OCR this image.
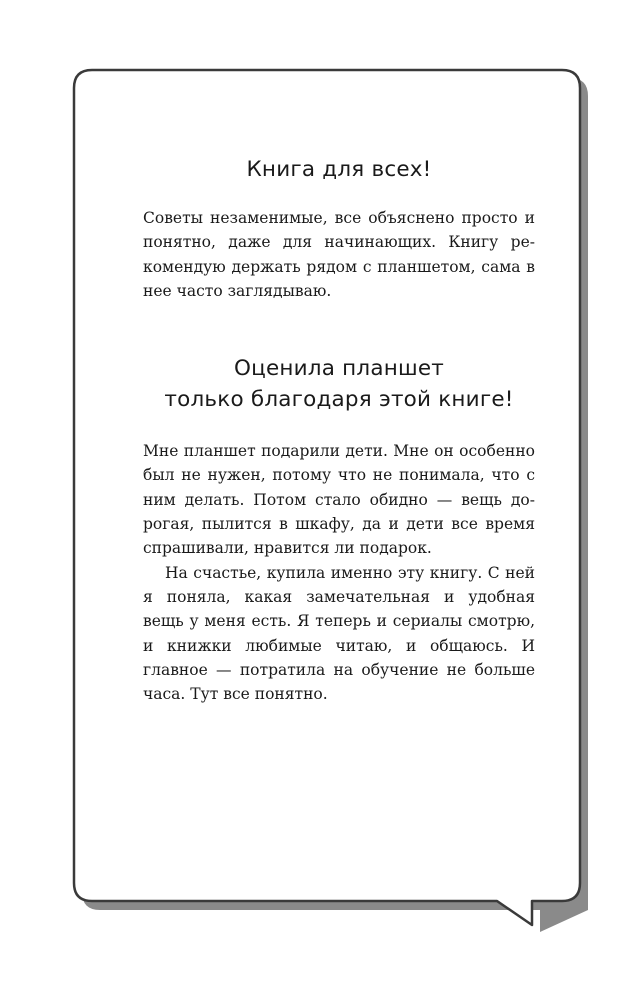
Книга для всех!

Советы незаменимые, все объяснено просто и понятно, даже для начинающих. Книгу рекомендую держать рядом с планшетом, сама в нее часто заглядываю.

Оценила планшет
только благодаря этой книге!

Мне планшет подарили дети. Мне он особенно был не нужен, потому что не понимала, что с ним делать. Потом стало обидно — вещь дорогая, пылится в шкафу, да и дети все время спрашивали, нравится ли подарок.

На счастье, купила именно эту книгу. С ней я поняла, какая замечательная и удобная вещь у меня есть. Я теперь и сериалы смотрю, и книжки любимые читаю, и общаюсь. И главное — потратила на обучение не больше часа. Тут все понятно.
